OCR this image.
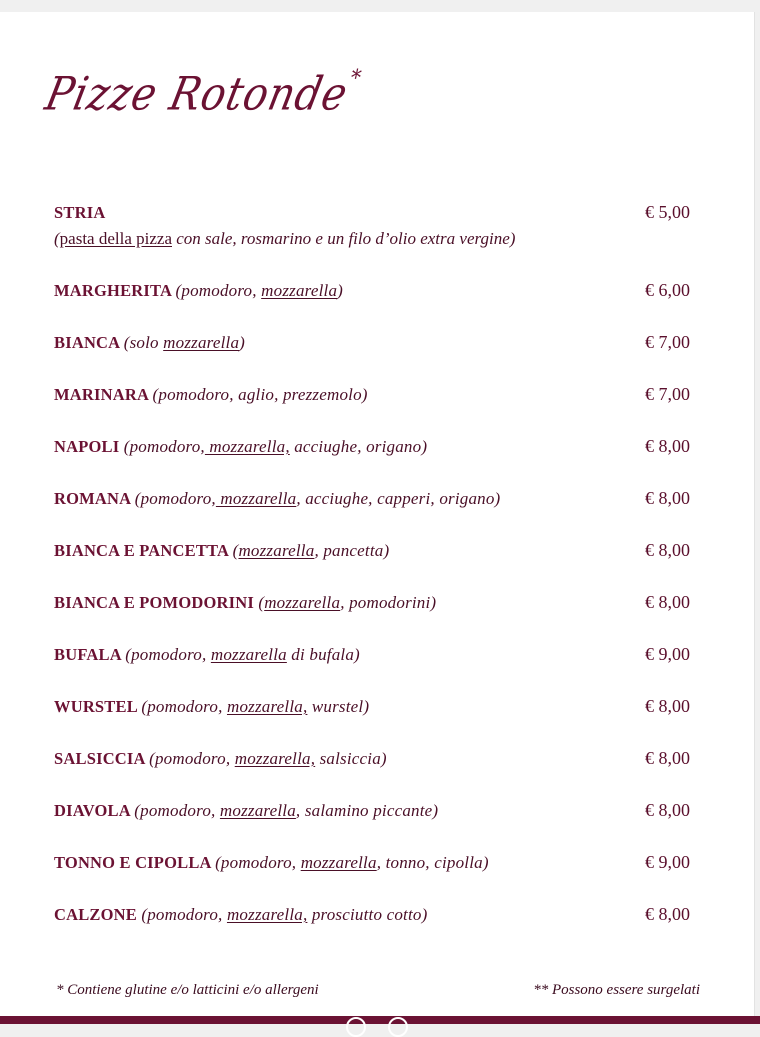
Pizze Rotonde*
STRIA	€ 5,00
(pasta della pizza con sale, rosmarino e un filo d’olio extra vergine)
MARGHERITA (pomodoro, mozzarella)	€ 6,00
BIANCA (solo mozzarella)	€ 7,00
MARINARA (pomodoro, aglio, prezzemolo)	€ 7,00
NAPOLI (pomodoro, mozzarella, acciughe, origano)	€ 8,00
ROMANA (pomodoro, mozzarella, acciughe, capperi, origano)	€ 8,00
BIANCA E PANCETTA (mozzarella, pancetta)	€ 8,00
BIANCA E POMODORINI (mozzarella, pomodorini)	€ 8,00
BUFALA (pomodoro, mozzarella di bufala)	€ 9,00
WURSTEL (pomodoro, mozzarella, wurstel)	€ 8,00
SALSICCIA (pomodoro, mozzarella, salsiccia)	€ 8,00
DIAVOLA (pomodoro, mozzarella, salamino piccante)	€ 8,00
TONNO E CIPOLLA (pomodoro, mozzarella, tonno, cipolla)	€ 9,00
CALZONE (pomodoro, mozzarella, prosciutto cotto)	€ 8,00
* Contiene glutine e/o latticini e/o allergeni	** Possono essere surgelati
